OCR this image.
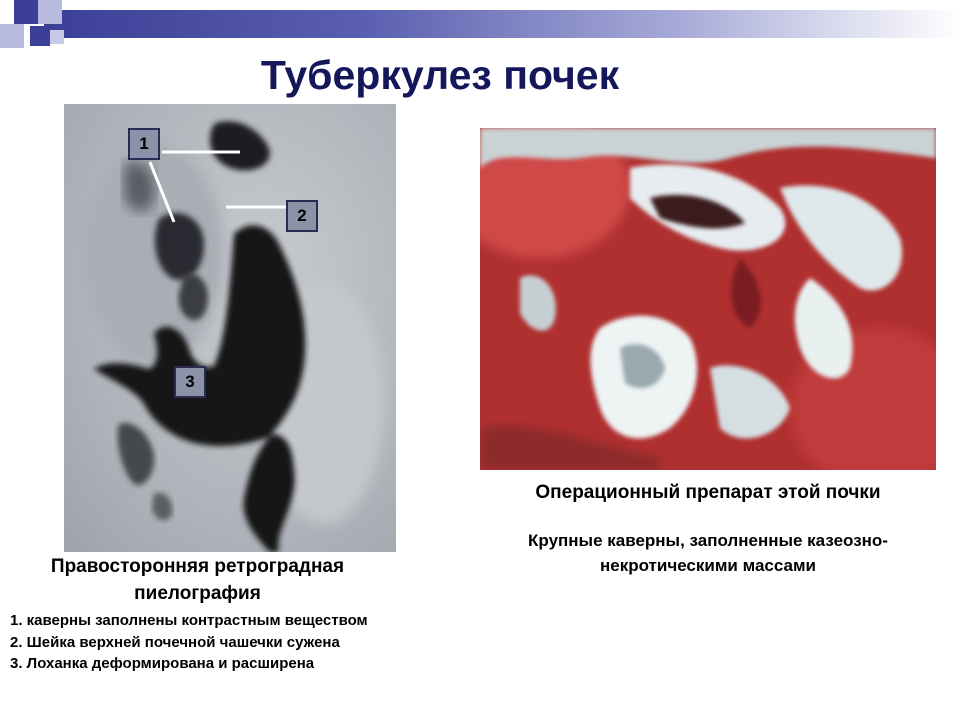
Туберкулез почек
1
2
3
Операционный препарат этой почки
Крупные каверны, заполненные казеозно-некротическими массами
Правосторонняя ретроградная пиелография
1. каверны заполнены контрастным веществом
2. Шейка верхней почечной чашечки сужена
3. Лоханка деформирована и расширена
